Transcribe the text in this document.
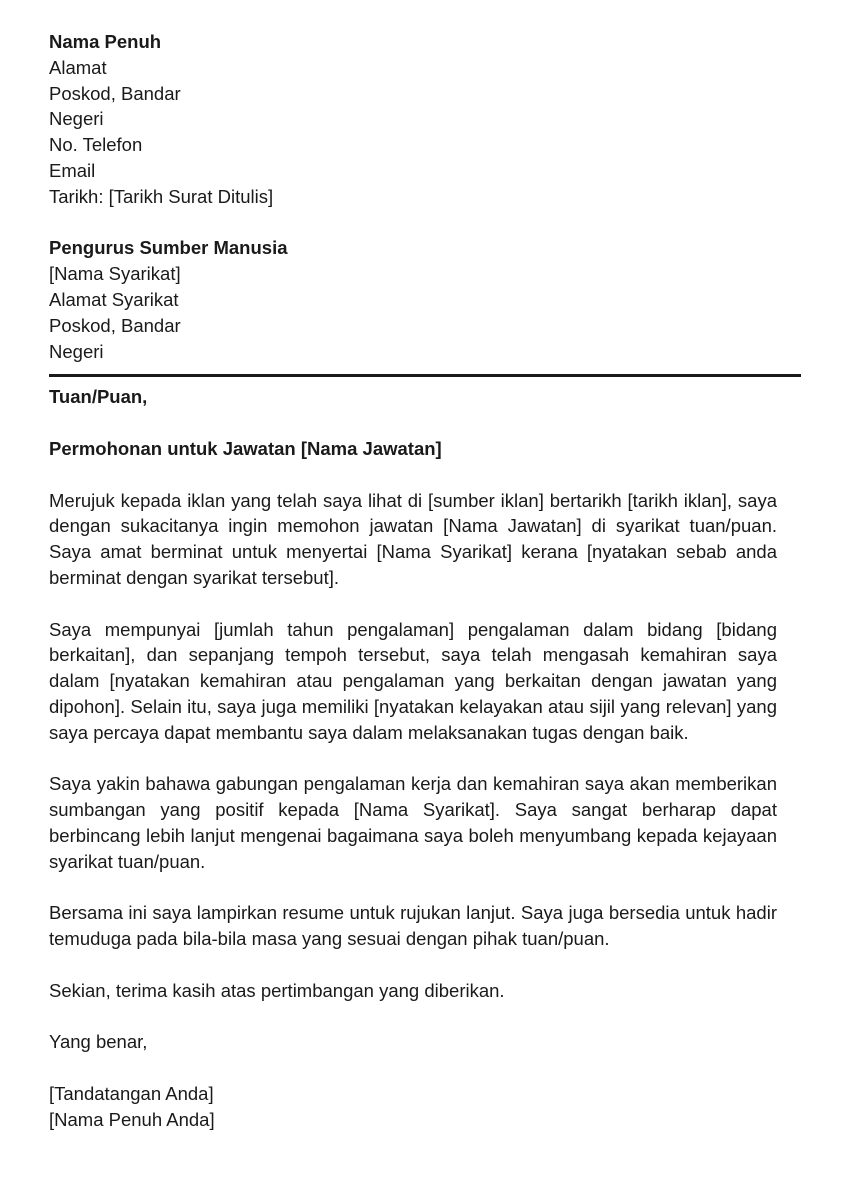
Nama Penuh
Alamat
Poskod, Bandar
Negeri
No. Telefon
Email
Tarikh: [Tarikh Surat Ditulis]
Pengurus Sumber Manusia
[Nama Syarikat]
Alamat Syarikat
Poskod, Bandar
Negeri
Tuan/Puan,
Permohonan untuk Jawatan [Nama Jawatan]

Merujuk kepada iklan yang telah saya lihat di [sumber iklan] bertarikh [tarikh iklan], saya dengan sukacitanya ingin memohon jawatan [Nama Jawatan] di syarikat tuan/puan. Saya amat berminat untuk menyertai [Nama Syarikat] kerana [nyatakan sebab anda berminat dengan syarikat tersebut].

Saya mempunyai [jumlah tahun pengalaman] pengalaman dalam bidang [bidang berkaitan], dan sepanjang tempoh tersebut, saya telah mengasah kemahiran saya dalam [nyatakan kemahiran atau pengalaman yang berkaitan dengan jawatan yang dipohon]. Selain itu, saya juga memiliki [nyatakan kelayakan atau sijil yang relevan] yang saya percaya dapat membantu saya dalam melaksanakan tugas dengan baik.

Saya yakin bahawa gabungan pengalaman kerja dan kemahiran saya akan memberikan sumbangan yang positif kepada [Nama Syarikat]. Saya sangat berharap dapat berbincang lebih lanjut mengenai bagaimana saya boleh menyumbang kepada kejayaan syarikat tuan/puan.

Bersama ini saya lampirkan resume untuk rujukan lanjut. Saya juga bersedia untuk hadir temuduga pada bila-bila masa yang sesuai dengan pihak tuan/puan.

Sekian, terima kasih atas pertimbangan yang diberikan.

Yang benar,
[Tandatangan Anda]
[Nama Penuh Anda]
